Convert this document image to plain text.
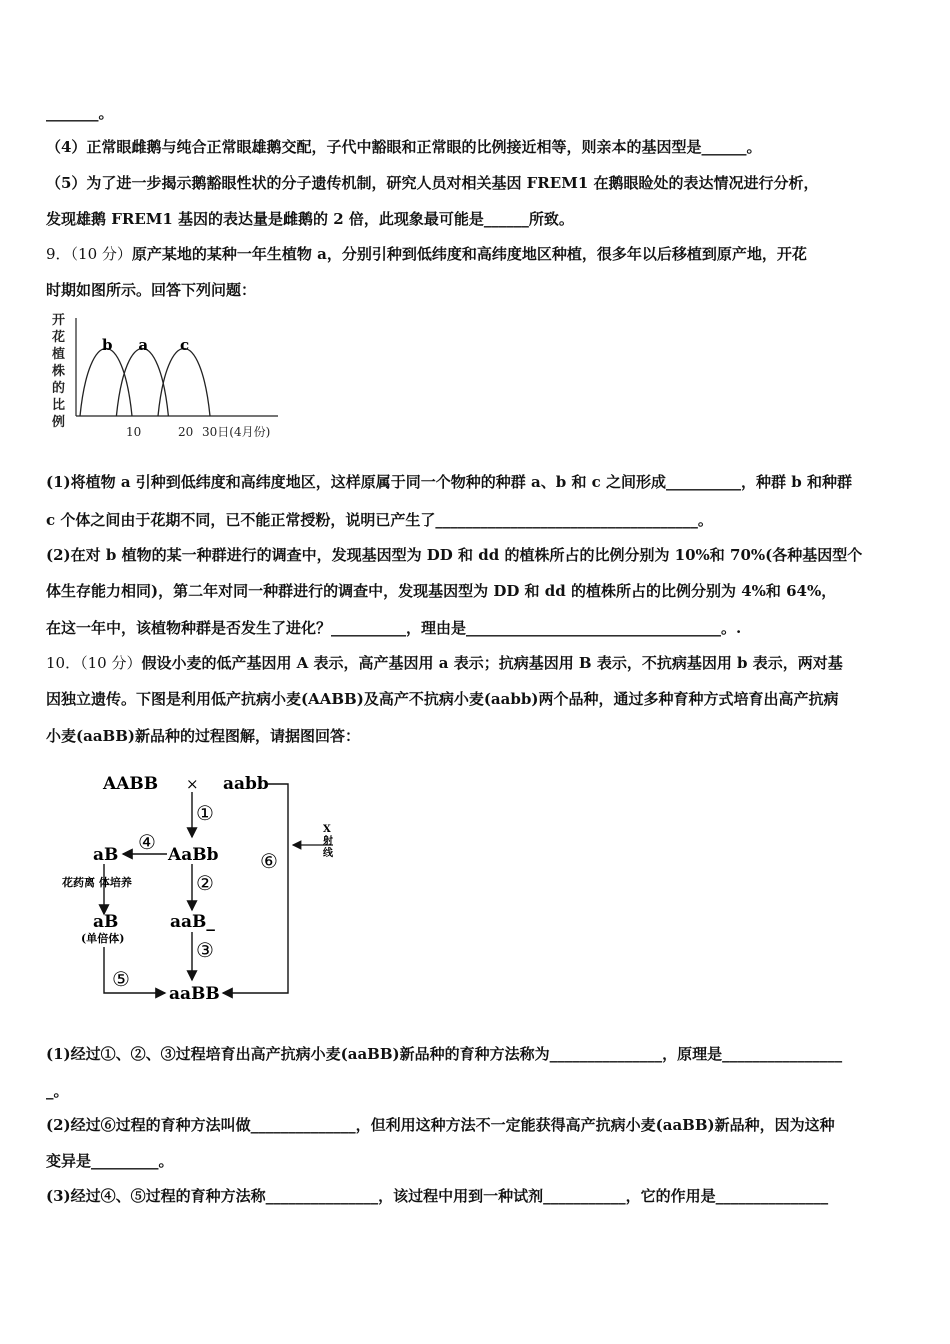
_______。
（4）正常眼雌鹅与纯合正常眼雄鹅交配，子代中豁眼和正常眼的比例接近相等，则亲本的基因型是______。
（5）为了进一步揭示鹅豁眼性状的分子遗传机制，研究人员对相关基因 FREM1 在鹅眼睑处的表达情况进行分析，
发现雄鹅 FREM1 基因的表达量是雌鹅的 2 倍，此现象最可能是______所致。
9．（10 分）原产某地的某种一年生植物 a，分别引种到低纬度和高纬度地区种植，很多年以后移植到原产地，开花
时期如图所示。回答下列问题：
开花植株的比例
b a c
10	20 30日(4月份)
(1)将植物 a 引种到低纬度和高纬度地区，这样原属于同一个物种的种群 a、b 和 c 之间形成__________，种群 b 和种群
c 个体之间由于花期不同，已不能正常授粉，说明已产生了___________________________________。
(2)在对 b 植物的某一种群进行的调查中，发现基因型为 DD 和 dd 的植株所占的比例分别为 10%和 70%(各种基因型个
体生存能力相同)，第二年对同一种群进行的调查中，发现基因型为 DD 和 dd 的植株所占的比例分别为 4%和 64%，
在这一年中，该植物种群是否发生了进化？__________，理由是__________________________________。.
10．（10 分）假设小麦的低产基因用 A 表示，高产基因用 a 表示；抗病基因用 B 表示，不抗病基因用 b 表示，两对基
因独立遗传。下图是利用低产抗病小麦(AABB)及高产不抗病小麦(aabb)两个品种，通过多种育种方式培育出高产抗病
小麦(aaBB)新品种的过程图解，请据图回答：
AABB × aabb
X 射线
⑥
①
AaBb
④
aB
花药离 体培养
aB
(单倍体)
②
aaB_
③
⑤
aaBB
(1)经过①、②、③过程培育出高产抗病小麦(aaBB)新品种的育种方法称为_______________，原理是________________
_。
(2)经过⑥过程的育种方法叫做______________，但利用这种方法不一定能获得高产抗病小麦(aaBB)新品种，因为这种
变异是_________。
(3)经过④、⑤过程的育种方法称_______________，该过程中用到一种试剂___________，它的作用是_______________
